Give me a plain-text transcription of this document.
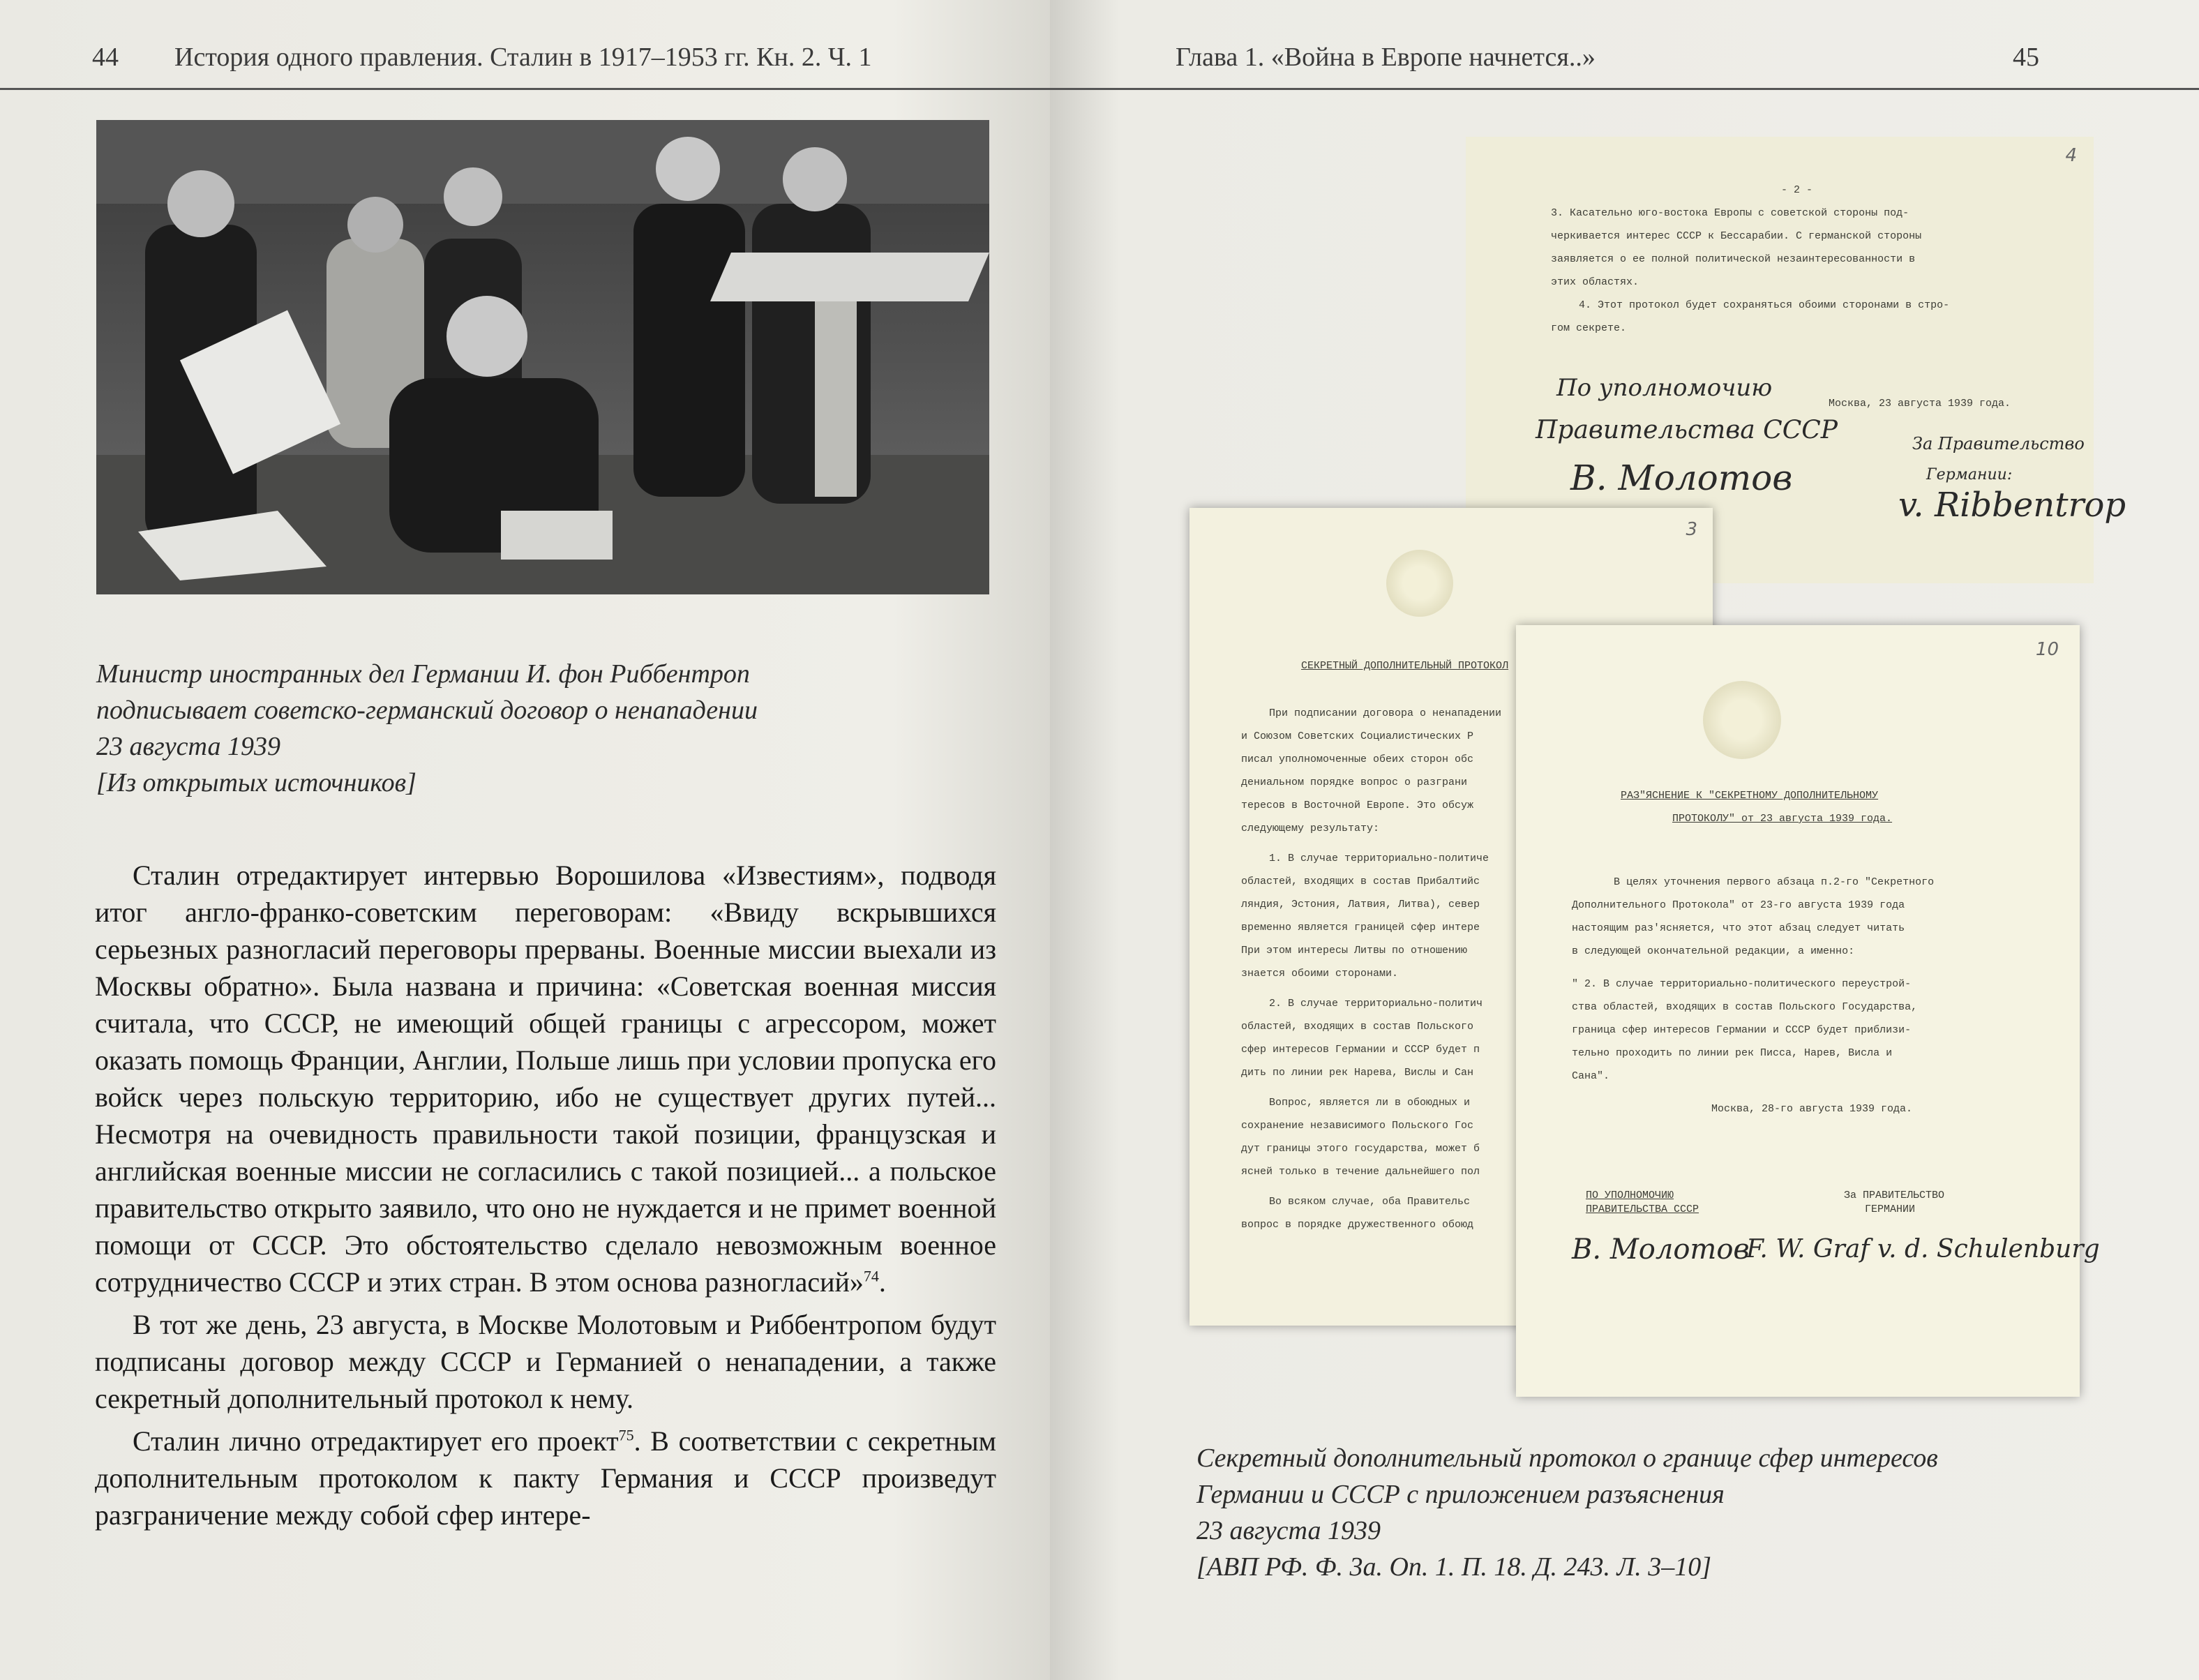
44 История одного правления. Сталин в 1917–1953 гг. Кн. 2. Ч. 1
Министр иностранных дел Германии И. фон Риббентроп
подписывает советско-германский договор о ненападении
23 августа 1939
[Из открытых источников]

Сталин отредактирует интервью Ворошилова «Известиям», подводя итог англо-франко-советским переговорам: «Ввиду вскрывшихся серьезных разногласий переговоры прерваны. Военные миссии выехали из Москвы обратно». Была названа и причина: «Советская военная миссия считала, что СССР, не имеющий общей границы с агрессором, может оказать помощь Франции, Англии, Польше лишь при условии пропуска его войск через польскую территорию, ибо не существует других путей... Несмотря на очевидность правильности такой позиции, французская и английская военные миссии не согласились с такой позицией... а польское правительство открыто заявило, что оно не нуждается и не примет военной помощи от СССР. Это обстоятельство сделало невозможным военное сотрудничество СССР и этих стран. В этом основа разногласий»$^{74}$.

В тот же день, 23 августа, в Москве Молотовым и Риббентропом будут подписаны договор между СССР и Германией о ненападении, а также секретный дополнительный протокол к нему.

Сталин лично отредактирует его проект$^{75}$. В соответствии с секретным дополнительным протоколом к пакту Германия и СССР произведут разграничение между собой сфер интере-

Глава 1. «Война в Европе начнется..»	45
4
- 2 -
3. Касательно юго-востока Европы с советской стороны под-
черкивается интерес СССР к Бессарабии. С германской стороны
заявляется о ее полной политической незаинтересованности в
этих областях.
4. Этот протокол будет сохраняться обоими сторонами в стро-
гом секрете.
Москва, 23 августа 1939 года.
По уполномочию
Правительства СССР
В. Молотов
За Правительство
Германии:
v. Ribbentrop
3
СЕКРЕТНЫЙ ДОПОЛНИТЕЛЬНЫЙ ПРОТОКОЛ
При подписании договора о ненападении
и Союзом Советских Социалистических Р
писал уполномоченные обеих сторон обс
дениальном порядке вопрос о разграни
тересов в Восточной Европе. Это обсуж
следующему результату:
1. В случае территориально-политиче
областей, входящих в состав Прибалтийс
ляндия, Эстония, Латвия, Литва), север
временно является границей сфер интере
При этом интересы Литвы по отношению
знается обоими сторонами.
2. В случае территориально-политич
областей, входящих в состав Польского
сфер интересов Германии и СССР будет п
дить по линии рек Нарева, Вислы и Сан
Вопрос, является ли в обоюдных и
сохранение независимого Польского Гос
дут границы этого государства, может б
ясней только в течение дальнейшего пол
Во всяком случае, оба Правительс
вопрос в порядке дружественного обоюд
10
РАЗ"ЯСНЕНИЕ К "СЕКРЕТНОМУ ДОПОЛНИТЕЛЬНОМУ
ПРОТОКОЛУ" от 23 августа 1939 года.
В целях уточнения первого абзаца п.2-го "Секретного
Дополнительного Протокола" от 23-го августа 1939 года
настоящим раз'ясняется, что этот абзац следует читать
в следующей окончательной редакции, а именно:
" 2. В случае территориально-политического переустрой-
ства областей, входящих в состав Польского Государства,
граница сфер интересов Германии и СССР будет приблизи-
тельно проходить по линии рек Писса, Нарев, Висла и
Сана".
Москва, 28-го августа 1939 года.
ПО УПОЛНОМОЧИЮ
ПРАВИТЕЛЬСТВА СССР
За ПРАВИТЕЛЬСТВО
ГЕРМАНИИ
В. Молотов
F. W. Graf v. d. Schulenburg
Секретный дополнительный протокол о границе сфер интересов
Германии и СССР с приложением разъяснения
23 августа 1939
[АВП РФ. Ф. 3а. Оп. 1. П. 18. Д. 243. Л. 3–10]
